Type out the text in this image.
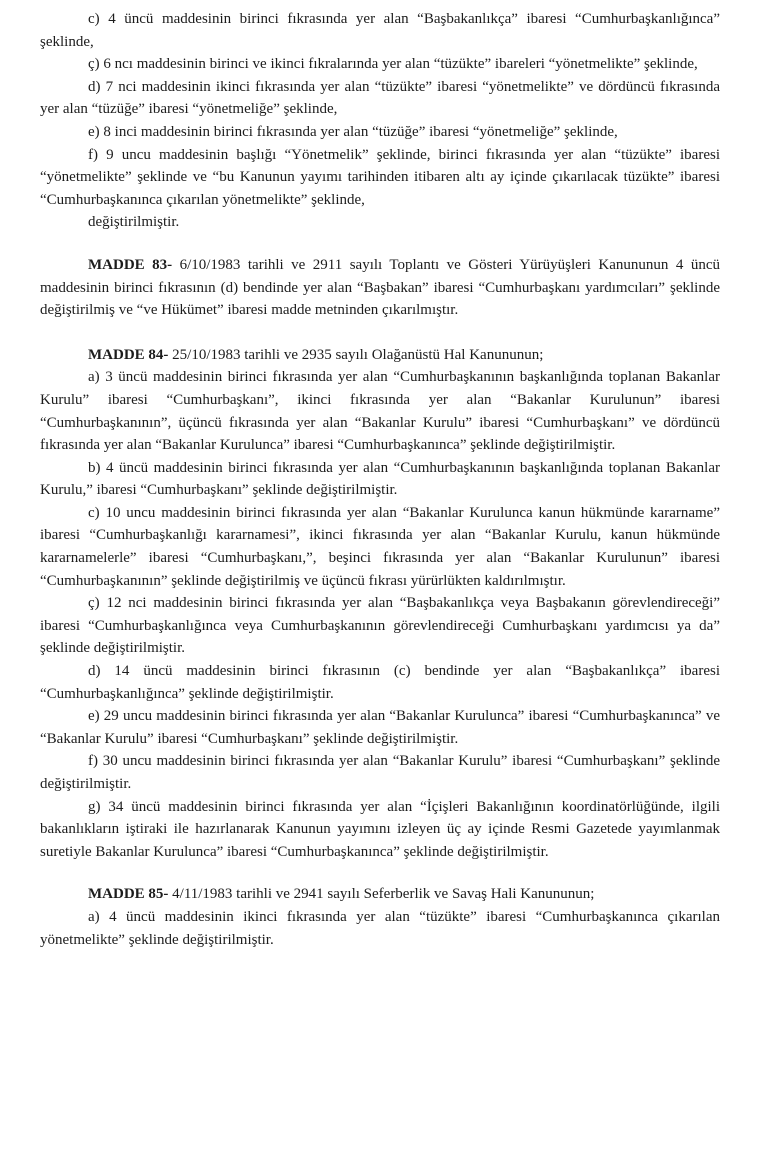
c) 4 üncü maddesinin birinci fıkrasında yer alan “Başbakanlıkça” ibaresi “Cumhurbaşkanlığınca” şeklinde,

ç) 6 ncı maddesinin birinci ve ikinci fıkralarında yer alan “tüzükte” ibareleri “yönetmelikte” şeklinde,

d) 7 nci maddesinin ikinci fıkrasında yer alan “tüzükte” ibaresi “yönetmelikte” ve dördüncü fıkrasında yer alan “tüzüğe” ibaresi “yönetmeliğe” şeklinde,

e) 8 inci maddesinin birinci fıkrasında yer alan “tüzüğe” ibaresi “yönetmeliğe” şeklinde,

f) 9 uncu maddesinin başlığı “Yönetmelik” şeklinde, birinci fıkrasında yer alan “tüzükte” ibaresi “yönetmelikte” şeklinde ve “bu Kanunun yayımı tarihinden itibaren altı ay içinde çıkarılacak tüzükte” ibaresi “Cumhurbaşkanınca çıkarılan yönetmelikte” şeklinde,

değiştirilmiştir.

MADDE 83- 6/10/1983 tarihli ve 2911 sayılı Toplantı ve Gösteri Yürüyüşleri Kanununun 4 üncü maddesinin birinci fıkrasının (d) bendinde yer alan “Başbakan” ibaresi “Cumhurbaşkanı yardımcıları” şeklinde değiştirilmiş ve “ve Hükümet” ibaresi madde metninden çıkarılmıştır.

MADDE 84- 25/10/1983 tarihli ve 2935 sayılı Olağanüstü Hal Kanununun;

a) 3 üncü maddesinin birinci fıkrasında yer alan “Cumhurbaşkanının başkanlığında toplanan Bakanlar Kurulu” ibaresi “Cumhurbaşkanı”, ikinci fıkrasında yer alan “Bakanlar Kurulunun” ibaresi “Cumhurbaşkanının”, üçüncü fıkrasında yer alan “Bakanlar Kurulu” ibaresi “Cumhurbaşkanı” ve dördüncü fıkrasında yer alan “Bakanlar Kurulunca” ibaresi “Cumhurbaşkanınca” şeklinde değiştirilmiştir.

b) 4 üncü maddesinin birinci fıkrasında yer alan “Cumhurbaşkanının başkanlığında toplanan Bakanlar Kurulu,” ibaresi “Cumhurbaşkanı” şeklinde değiştirilmiştir.

c) 10 uncu maddesinin birinci fıkrasında yer alan “Bakanlar Kurulunca kanun hükmünde kararname” ibaresi “Cumhurbaşkanlığı kararnamesi”, ikinci fıkrasında yer alan “Bakanlar Kurulu, kanun hükmünde kararnamelerle” ibaresi “Cumhurbaşkanı,”, beşinci fıkrasında yer alan “Bakanlar Kurulunun” ibaresi “Cumhurbaşkanının” şeklinde değiştirilmiş ve üçüncü fıkrası yürürlükten kaldırılmıştır.

ç) 12 nci maddesinin birinci fıkrasında yer alan “Başbakanlıkça veya Başbakanın görevlendireceği” ibaresi “Cumhurbaşkanlığınca veya Cumhurbaşkanının görevlendireceği Cumhurbaşkanı yardımcısı ya da” şeklinde değiştirilmiştir.

d) 14 üncü maddesinin birinci fıkrasının (c) bendinde yer alan “Başbakanlıkça” ibaresi “Cumhurbaşkanlığınca” şeklinde değiştirilmiştir.

e) 29 uncu maddesinin birinci fıkrasında yer alan “Bakanlar Kurulunca” ibaresi “Cumhurbaşkanınca” ve “Bakanlar Kurulu” ibaresi “Cumhurbaşkanı” şeklinde değiştirilmiştir.

f) 30 uncu maddesinin birinci fıkrasında yer alan “Bakanlar Kurulu” ibaresi “Cumhurbaşkanı” şeklinde değiştirilmiştir.

g) 34 üncü maddesinin birinci fıkrasında yer alan “İçişleri Bakanlığının koordinatörlüğünde, ilgili bakanlıkların iştiraki ile hazırlanarak Kanunun yayımını izleyen üç ay içinde Resmi Gazetede yayımlanmak suretiyle Bakanlar Kurulunca” ibaresi “Cumhurbaşkanınca” şeklinde değiştirilmiştir.

MADDE 85- 4/11/1983 tarihli ve 2941 sayılı Seferberlik ve Savaş Hali Kanununun;

a) 4 üncü maddesinin ikinci fıkrasında yer alan “tüzükte” ibaresi “Cumhurbaşkanınca çıkarılan yönetmelikte” şeklinde değiştirilmiştir.
